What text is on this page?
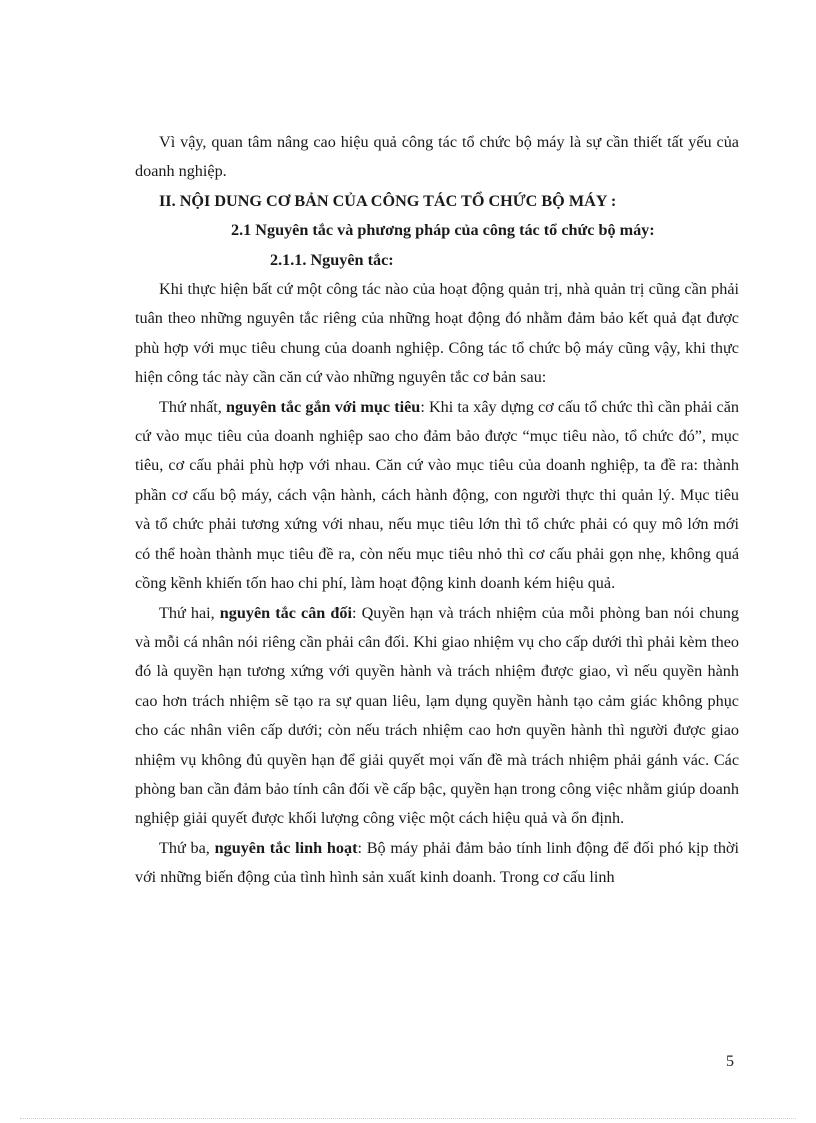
Vì vậy, quan tâm nâng cao hiệu quả công tác tổ chức bộ máy là sự cần thiết tất yếu của doanh nghiệp.

II. NỘI DUNG CƠ BẢN CỦA CÔNG TÁC TỔ CHỨC BỘ MÁY :

2.1 Nguyên tắc và phương pháp của công tác tổ chức bộ máy:

2.1.1. Nguyên tắc:

Khi thực hiện bất cứ một công tác nào của hoạt động quản trị, nhà quản trị cũng cần phải tuân theo những nguyên tắc riêng của những hoạt động đó nhằm đảm bảo kết quả đạt được phù hợp với mục tiêu chung của doanh nghiệp. Công tác tổ chức bộ máy cũng vậy, khi thực hiện công tác này cần căn cứ vào những nguyên tắc cơ bản sau:

Thứ nhất, nguyên tắc gắn với mục tiêu: Khi ta xây dựng cơ cấu tổ chức thì cần phải căn cứ vào mục tiêu của doanh nghiệp sao cho đảm bảo được “mục tiêu nào, tổ chức đó”, mục tiêu, cơ cấu phải phù hợp với nhau. Căn cứ vào mục tiêu của doanh nghiệp, ta đề ra: thành phần cơ cấu bộ máy, cách vận hành, cách hành động, con người thực thi quản lý. Mục tiêu và tổ chức phải tương xứng với nhau, nếu mục tiêu lớn thì tổ chức phải có quy mô lớn mới có thể hoàn thành mục tiêu đề ra, còn nếu mục tiêu nhỏ thì cơ cấu phải gọn nhẹ, không quá cồng kềnh khiến tốn hao chi phí, làm hoạt động kinh doanh kém hiệu quả.

Thứ hai, nguyên tắc cân đối: Quyền hạn và trách nhiệm của mỗi phòng ban nói chung và mỗi cá nhân nói riêng cần phải cân đối. Khi giao nhiệm vụ cho cấp dưới thì phải kèm theo đó là quyền hạn tương xứng với quyền hành và trách nhiệm được giao, vì nếu quyền hành cao hơn trách nhiệm sẽ tạo ra sự quan liêu, lạm dụng quyền hành tạo cảm giác không phục cho các nhân viên cấp dưới; còn nếu trách nhiệm cao hơn quyền hành thì người được giao nhiệm vụ không đủ quyền hạn để giải quyết mọi vấn đề mà trách nhiệm phải gánh vác. Các phòng ban cần đảm bảo tính cân đối về cấp bậc, quyền hạn trong công việc nhằm giúp doanh nghiệp giải quyết được khối lượng công việc một cách hiệu quả và ổn định.

Thứ ba, nguyên tắc linh hoạt: Bộ máy phải đảm bảo tính linh động để đối phó kịp thời với những biến động của tình hình sản xuất kinh doanh. Trong cơ cấu linh

5
